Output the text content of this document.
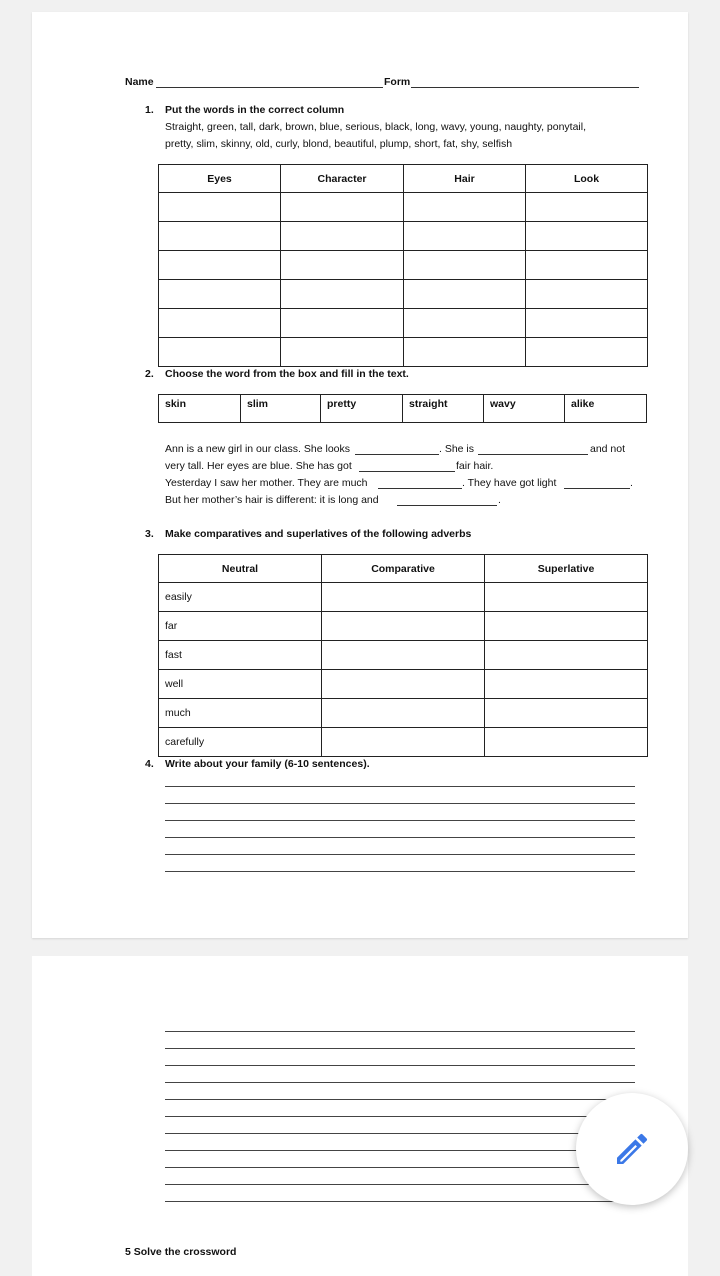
Name	Form
1. Put the words in the correct column
Straight, green, tall, dark, brown, blue, serious, black, long, wavy, young, naughty, ponytail,
pretty, slim, skinny, old, curly, blond, beautiful, plump, short, fat, shy, selfish
Eyes	Character	Hair	Look

2. Choose the word from the box and fill in the text.
skin	slim	pretty	straight	wavy	alike
Ann is a new girl in our class. She looks	. She is	and not
very tall. Her eyes are blue. She has got	fair hair.
Yesterday I saw her mother. They are much	. They have got light	.
But her mother’s hair is different: it is long and	.
3. Make comparatives and superlatives of the following adverbs
Neutral	Comparative	Superlative
easily		
far		
fast		
well		
much		
carefully		
4. Write about your family (6-10 sentences).
5 Solve the crossword
